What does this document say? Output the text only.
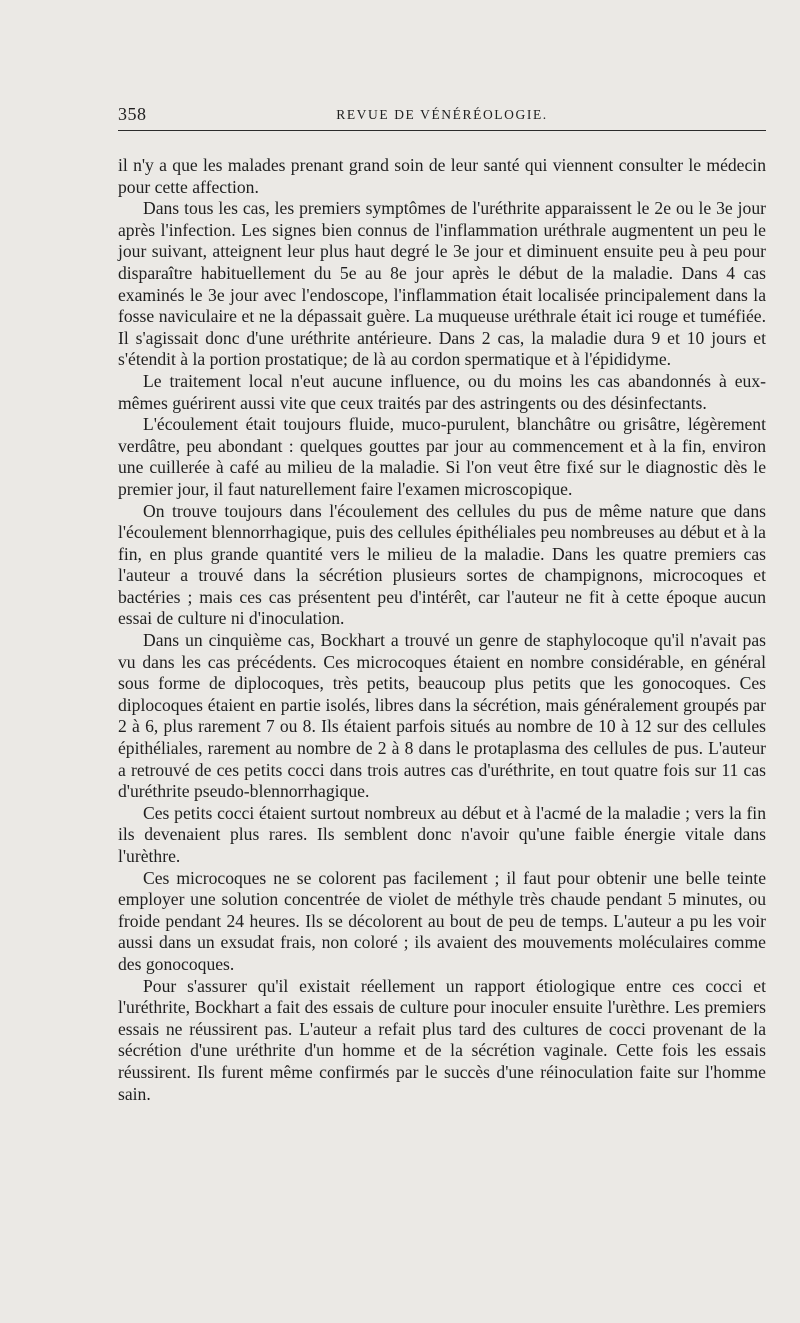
358	REVUE DE VÉNÉRÉOLOGIE.

il n'y a que les malades prenant grand soin de leur santé qui viennent consulter le médecin pour cette affection.

Dans tous les cas, les premiers symptômes de l'uréthrite apparaissent le 2e ou le 3e jour après l'infection. Les signes bien connus de l'inflammation uréthrale augmentent un peu le jour suivant, atteignent leur plus haut degré le 3e jour et diminuent ensuite peu à peu pour disparaître habituellement du 5e au 8e jour après le début de la maladie. Dans 4 cas examinés le 3e jour avec l'endoscope, l'inflammation était localisée principalement dans la fosse naviculaire et ne la dépassait guère. La muqueuse uréthrale était ici rouge et tuméfiée. Il s'agissait donc d'une uréthrite antérieure. Dans 2 cas, la maladie dura 9 et 10 jours et s'étendit à la portion prostatique; de là au cordon spermatique et à l'épididyme.

Le traitement local n'eut aucune influence, ou du moins les cas abandonnés à eux-mêmes guérirent aussi vite que ceux traités par des astringents ou des désinfectants.

L'écoulement était toujours fluide, muco-purulent, blanchâtre ou grisâtre, légèrement verdâtre, peu abondant : quelques gouttes par jour au commencement et à la fin, environ une cuillerée à café au milieu de la maladie. Si l'on veut être fixé sur le diagnostic dès le premier jour, il faut naturellement faire l'examen microscopique.

On trouve toujours dans l'écoulement des cellules du pus de même nature que dans l'écoulement blennorrhagique, puis des cellules épithéliales peu nombreuses au début et à la fin, en plus grande quantité vers le milieu de la maladie. Dans les quatre premiers cas l'auteur a trouvé dans la sécrétion plusieurs sortes de champignons, microcoques et bactéries ; mais ces cas présentent peu d'intérêt, car l'auteur ne fit à cette époque aucun essai de culture ni d'inoculation.

Dans un cinquième cas, Bockhart a trouvé un genre de staphylocoque qu'il n'avait pas vu dans les cas précédents. Ces microcoques étaient en nombre considérable, en général sous forme de diplocoques, très petits, beaucoup plus petits que les gonocoques. Ces diplocoques étaient en partie isolés, libres dans la sécrétion, mais généralement groupés par 2 à 6, plus rarement 7 ou 8. Ils étaient parfois situés au nombre de 10 à 12 sur des cellules épithéliales, rarement au nombre de 2 à 8 dans le protaplasma des cellules de pus. L'auteur a retrouvé de ces petits cocci dans trois autres cas d'uréthrite, en tout quatre fois sur 11 cas d'uréthrite pseudo-blennorrhagique.

Ces petits cocci étaient surtout nombreux au début et à l'acmé de la maladie ; vers la fin ils devenaient plus rares. Ils semblent donc n'avoir qu'une faible énergie vitale dans l'urèthre.

Ces microcoques ne se colorent pas facilement ; il faut pour obtenir une belle teinte employer une solution concentrée de violet de méthyle très chaude pendant 5 minutes, ou froide pendant 24 heures. Ils se décolorent au bout de peu de temps. L'auteur a pu les voir aussi dans un exsudat frais, non coloré ; ils avaient des mouvements moléculaires comme des gonocoques.

Pour s'assurer qu'il existait réellement un rapport étiologique entre ces cocci et l'uréthrite, Bockhart a fait des essais de culture pour inoculer ensuite l'urèthre. Les premiers essais ne réussirent pas. L'auteur a refait plus tard des cultures de cocci provenant de la sécrétion d'une uréthrite d'un homme et de la sécrétion vaginale. Cette fois les essais réussirent. Ils furent même confirmés par le succès d'une réinoculation faite sur l'homme sain.
